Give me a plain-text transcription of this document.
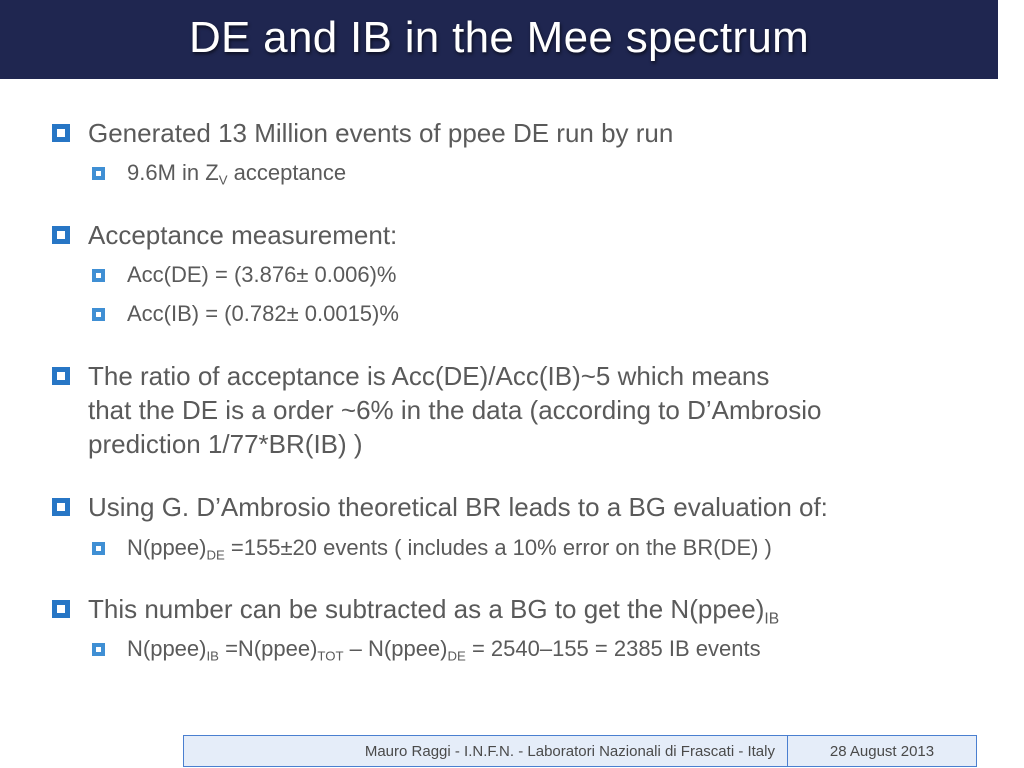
DE and IB in the Mee spectrum
Generated 13 Million events of ppee DE run by run
9.6M in $Z_V$ acceptance
Acceptance measurement:
Acc(DE) = (3.876± 0.006)%
Acc(IB) = (0.782± 0.0015)%
The ratio of acceptance is Acc(DE)/Acc(IB)~5 which means
that the DE is a order ~6% in the data (according to D’Ambrosio
prediction 1/77*BR(IB) )
Using G. D’Ambrosio theoretical BR leads to a BG evaluation of:
$N(ppee)_{DE} =155\pm 20$ events ( includes a 10% error on the BR(DE) )
This number can be subtracted as a BG to get the $N(ppee)_{IB}$
$N(ppee)_{IB}$ $=N(ppee)_{TOT}$ – $N(ppee)_{DE} = 2540-155 = 2385$ IB events
Mauro Raggi - I.N.F.N. - Laboratori Nazionali di Frascati - Italy	28 August 2013
